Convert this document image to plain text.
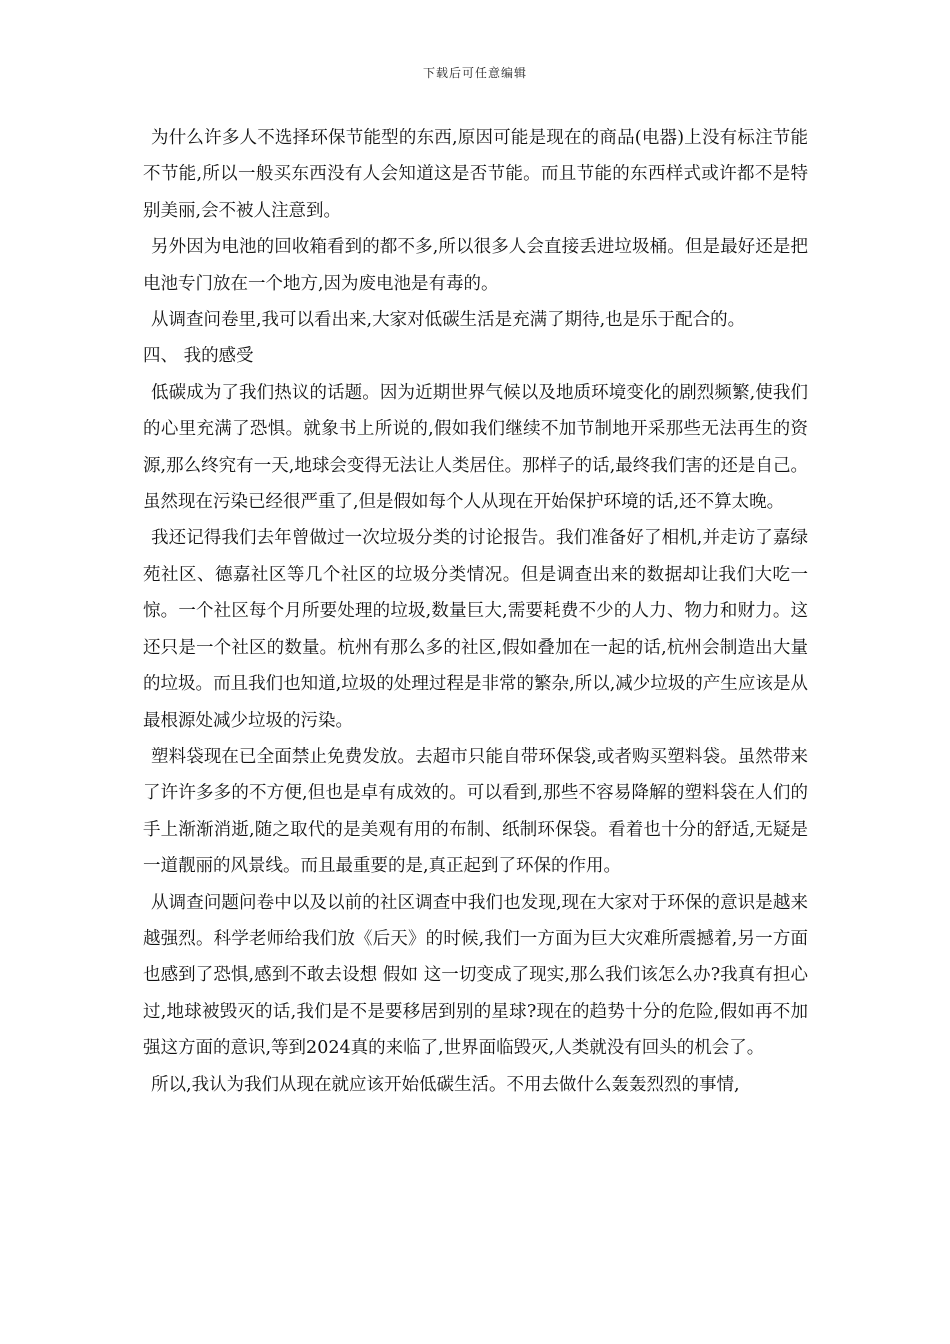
下载后可任意编辑

为什么许多人不选择环保节能型的东西,原因可能是现在的商品(电器)上没有标注节能不节能,所以一般买东西没有人会知道这是否节能。而且节能的东西样式或许都不是特别美丽,会不被人注意到。

另外因为电池的回收箱看到的都不多,所以很多人会直接丢进垃圾桶。但是最好还是把电池专门放在一个地方,因为废电池是有毒的。

从调查问卷里,我可以看出来,大家对低碳生活是充满了期待,也是乐于配合的。

四、 我的感受

低碳成为了我们热议的话题。因为近期世界气候以及地质环境变化的剧烈频繁,使我们的心里充满了恐惧。就象书上所说的,假如我们继续不加节制地开采那些无法再生的资源,那么终究有一天,地球会变得无法让人类居住。那样子的话,最终我们害的还是自己。虽然现在污染已经很严重了,但是假如每个人从现在开始保护环境的话,还不算太晚。

我还记得我们去年曾做过一次垃圾分类的讨论报告。我们准备好了相机,并走访了嘉绿苑社区、德嘉社区等几个社区的垃圾分类情况。但是调查出来的数据却让我们大吃一惊。一个社区每个月所要处理的垃圾,数量巨大,需要耗费不少的人力、物力和财力。这还只是一个社区的数量。杭州有那么多的社区,假如叠加在一起的话,杭州会制造出大量的垃圾。而且我们也知道,垃圾的处理过程是非常的繁杂,所以,减少垃圾的产生应该是从最根源处减少垃圾的污染。

塑料袋现在已全面禁止免费发放。去超市只能自带环保袋,或者购买塑料袋。虽然带来了许许多多的不方便,但也是卓有成效的。可以看到,那些不容易降解的塑料袋在人们的手上渐渐消逝,随之取代的是美观有用的布制、纸制环保袋。看着也十分的舒适,无疑是一道靓丽的风景线。而且最重要的是,真正起到了环保的作用。

从调查问题问卷中以及以前的社区调查中我们也发现,现在大家对于环保的意识是越来越强烈。科学老师给我们放《后天》的时候,我们一方面为巨大灾难所震撼着,另一方面也感到了恐惧,感到不敢去设想 假如 这一切变成了现实,那么我们该怎么办?我真有担心过,地球被毁灭的话,我们是不是要移居到别的星球?现在的趋势十分的危险,假如再不加强这方面的意识,等到2024真的来临了,世界面临毁灭,人类就没有回头的机会了。

所以,我认为我们从现在就应该开始低碳生活。不用去做什么轰轰烈烈的事情,
